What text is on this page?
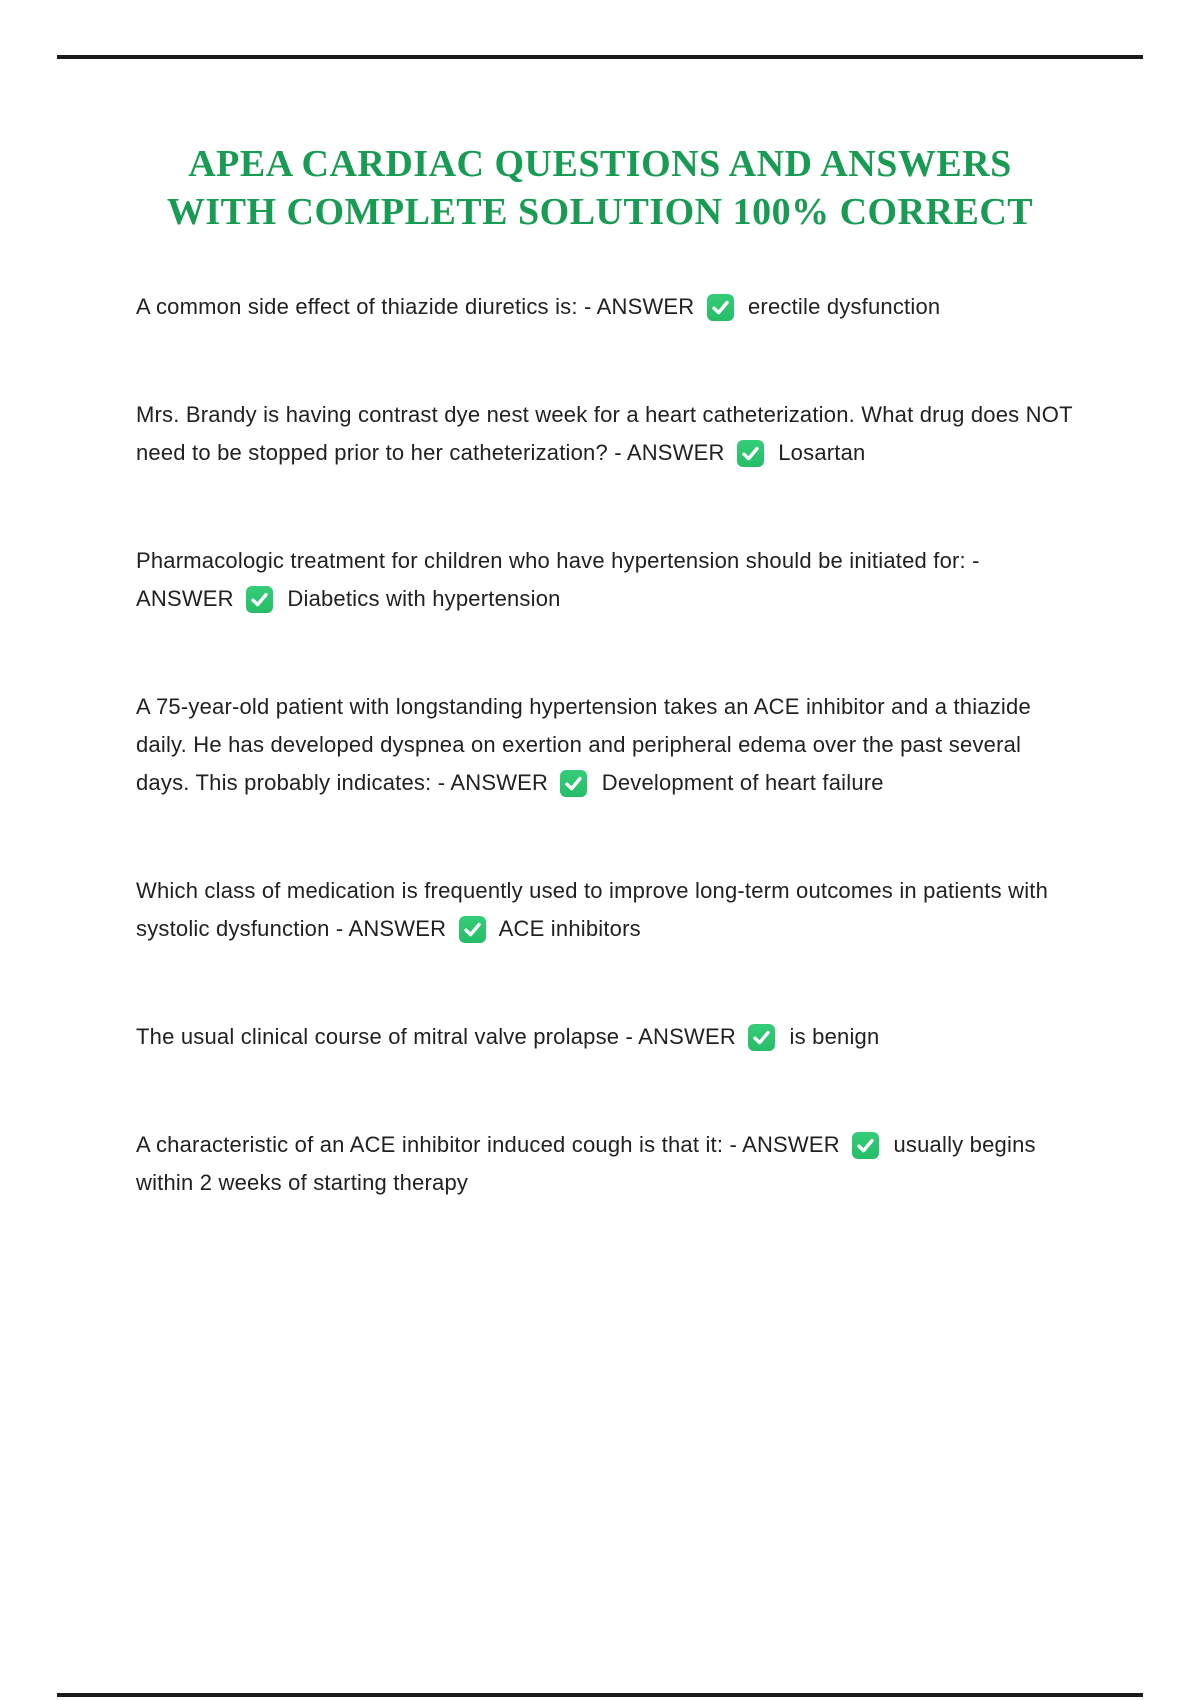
APEA CARDIAC QUESTIONS AND ANSWERS
WITH COMPLETE SOLUTION 100% CORRECT

A common side effect of thiazide diuretics is: - ANSWER
erectile dysfunction

Mrs. Brandy is having contrast dye nest week for a heart catheterization. What drug does NOT need to be stopped prior to her catheterization? - ANSWER
Losartan

Pharmacologic treatment for children who have hypertension should be initiated for: - ANSWER
Diabetics with hypertension

A 75-year-old patient with longstanding hypertension takes an ACE inhibitor and a thiazide daily. He has developed dyspnea on exertion and peripheral edema over the past several days. This probably indicates: - ANSWER
Development of heart failure

Which class of medication is frequently used to improve long-term outcomes in patients with systolic dysfunction - ANSWER
ACE inhibitors

The usual clinical course of mitral valve prolapse - ANSWER
is benign

A characteristic of an ACE inhibitor induced cough is that it: - ANSWER
usually begins within 2 weeks of starting therapy
